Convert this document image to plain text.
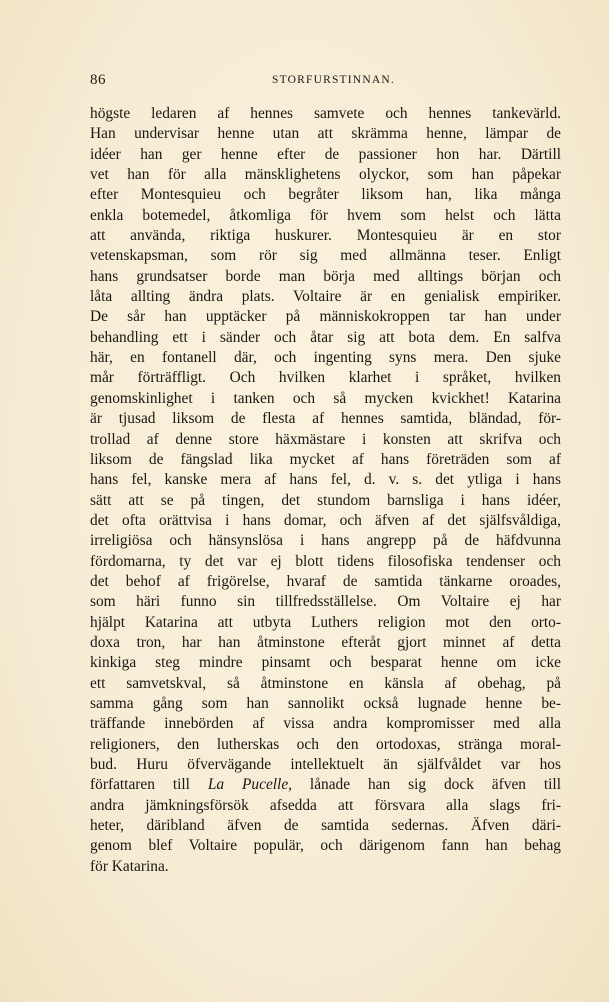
86	STORFURSTINNAN.
högste ledaren af hennes samvete och hennes tankevärld.
Han undervisar henne utan att skrämma henne, lämpar de
idéer han ger henne efter de passioner hon har. Därtill
vet han för alla mänsklighetens olyckor, som han påpekar
efter Montesquieu och begråter liksom han, lika många
enkla botemedel, åtkomliga för hvem som helst och lätta
att använda, riktiga huskurer. Montesquieu är en stor
vetenskapsman, som rör sig med allmänna teser. Enligt
hans grundsatser borde man börja med alltings början och
låta allting ändra plats. Voltaire är en genialisk empiriker.
De sår han upptäcker på människokroppen tar han under
behandling ett i sänder och åtar sig att bota dem. En salfva
här, en fontanell där, och ingenting syns mera. Den sjuke
mår förträffligt. Och hvilken klarhet i språket, hvilken
genomskinlighet i tanken och så mycken kvickhet! Katarina
är tjusad liksom de flesta af hennes samtida, bländad, för-
trollad af denne store häxmästare i konsten att skrifva och
liksom de fängslad lika mycket af hans företräden som af
hans fel, kanske mera af hans fel, d. v. s. det ytliga i hans
sätt att se på tingen, det stundom barnsliga i hans idéer,
det ofta orättvisa i hans domar, och äfven af det själfsvåldiga,
irreligiösa och hänsynslösa i hans angrepp på de häfdvunna
fördomarna, ty det var ej blott tidens filosofiska tendenser och
det behof af frigörelse, hvaraf de samtida tänkarne oroades,
som häri funno sin tillfredsställelse. Om Voltaire ej har
hjälpt Katarina att utbyta Luthers religion mot den orto-
doxa tron, har han åtminstone efteråt gjort minnet af detta
kinkiga steg mindre pinsamt och besparat henne om icke
ett samvetskval, så åtminstone en känsla af obehag, på
samma gång som han sannolikt också lugnade henne be-
träffande innebörden af vissa andra kompromisser med alla
religioners, den lutherskas och den ortodoxas, stränga moral-
bud. Huru öfvervägande intellektuelt än själfvåldet var hos
författaren till La Pucelle, lånade han sig dock äfven till
andra jämkningsförsök afsedda att försvara alla slags fri-
heter, däribland äfven de samtida sedernas. Äfven däri-
genom blef Voltaire populär, och därigenom fann han behag
för Katarina.
